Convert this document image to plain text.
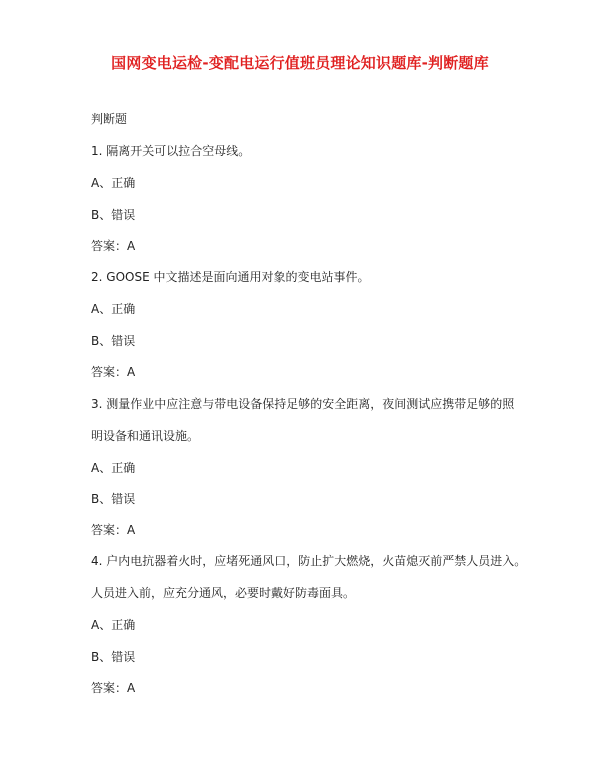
国网变电运检-变配电运行值班员理论知识题库-判断题库
判断题
1. 隔离开关可以拉合空母线。
A、正确
B、错误
答案：A
2. GOOSE 中文描述是面向通用对象的变电站事件。
A、正确
B、错误
答案：A
3. 测量作业中应注意与带电设备保持足够的安全距离，夜间测试应携带足够的照
明设备和通讯设施。
A、正确
B、错误
答案：A
4. 户内电抗器着火时，应堵死通风口，防止扩大燃烧，火苗熄灭前严禁人员进入。
人员进入前，应充分通风，必要时戴好防毒面具。
A、正确
B、错误
答案：A
